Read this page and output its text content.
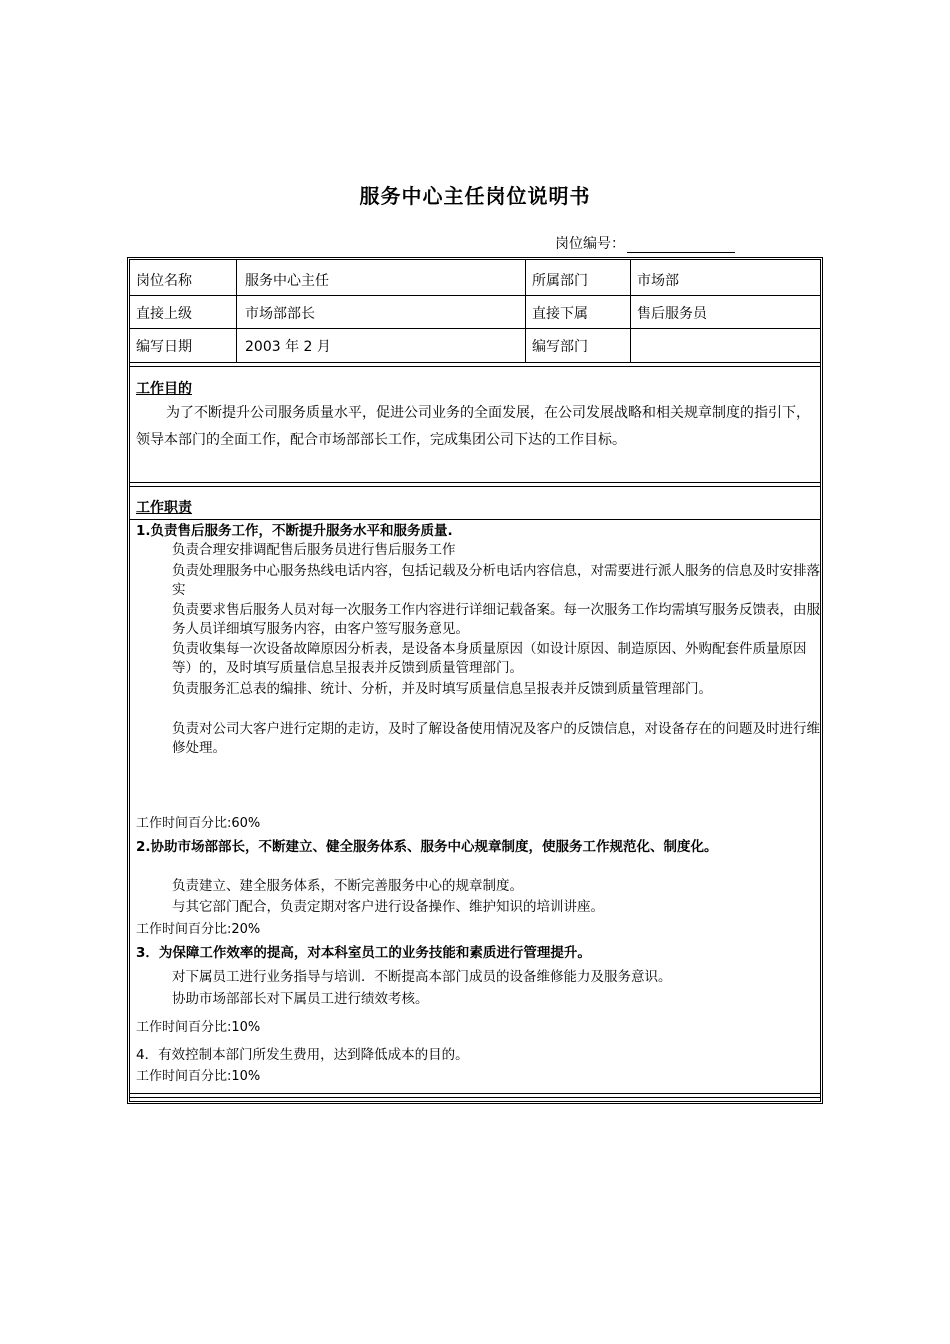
服务中心主任岗位说明书
岗位编号：
岗位名称	服务中心主任	所属部门	市场部
直接上级	市场部部长	直接下属	售后服务员
编写日期	2003 年 2 月	编写部门
工作目的
为了不断提升公司服务质量水平，促进公司业务的全面发展，在公司发展战略和相关规章制度的指引下，领导本部门的全面工作，配合市场部部长工作，完成集团公司下达的工作目标。
工作职责
1.负责售后服务工作，不断提升服务水平和服务质量.
负责合理安排调配售后服务员进行售后服务工作
负责处理服务中心服务热线电话内容，包括记载及分析电话内容信息，对需要进行派人服务的信息及时安排落实
负责要求售后服务人员对每一次服务工作内容进行详细记载备案。每一次服务工作均需填写服务反馈表，由服务人员详细填写服务内容，由客户签写服务意见。
负责收集每一次设备故障原因分析表，是设备本身质量原因（如设计原因、制造原因、外购配套件质量原因等）的，及时填写质量信息呈报表并反馈到质量管理部门。
负责服务汇总表的编排、统计、分析，并及时填写质量信息呈报表并反馈到质量管理部门。
负责对公司大客户进行定期的走访，及时了解设备使用情况及客户的反馈信息，对设备存在的问题及时进行维修处理。
工作时间百分比:60%
2.协助市场部部长，不断建立、健全服务体系、服务中心规章制度，使服务工作规范化、制度化。
负责建立、建全服务体系，不断完善服务中心的规章制度。
与其它部门配合，负责定期对客户进行设备操作、维护知识的培训讲座。
工作时间百分比:20%
3．为保障工作效率的提高，对本科室员工的业务技能和素质进行管理提升。
对下属员工进行业务指导与培训．不断提高本部门成员的设备维修能力及服务意识。
协助市场部部长对下属员工进行绩效考核。
工作时间百分比:10%
4．有效控制本部门所发生费用，达到降低成本的目的。
工作时间百分比:10%
